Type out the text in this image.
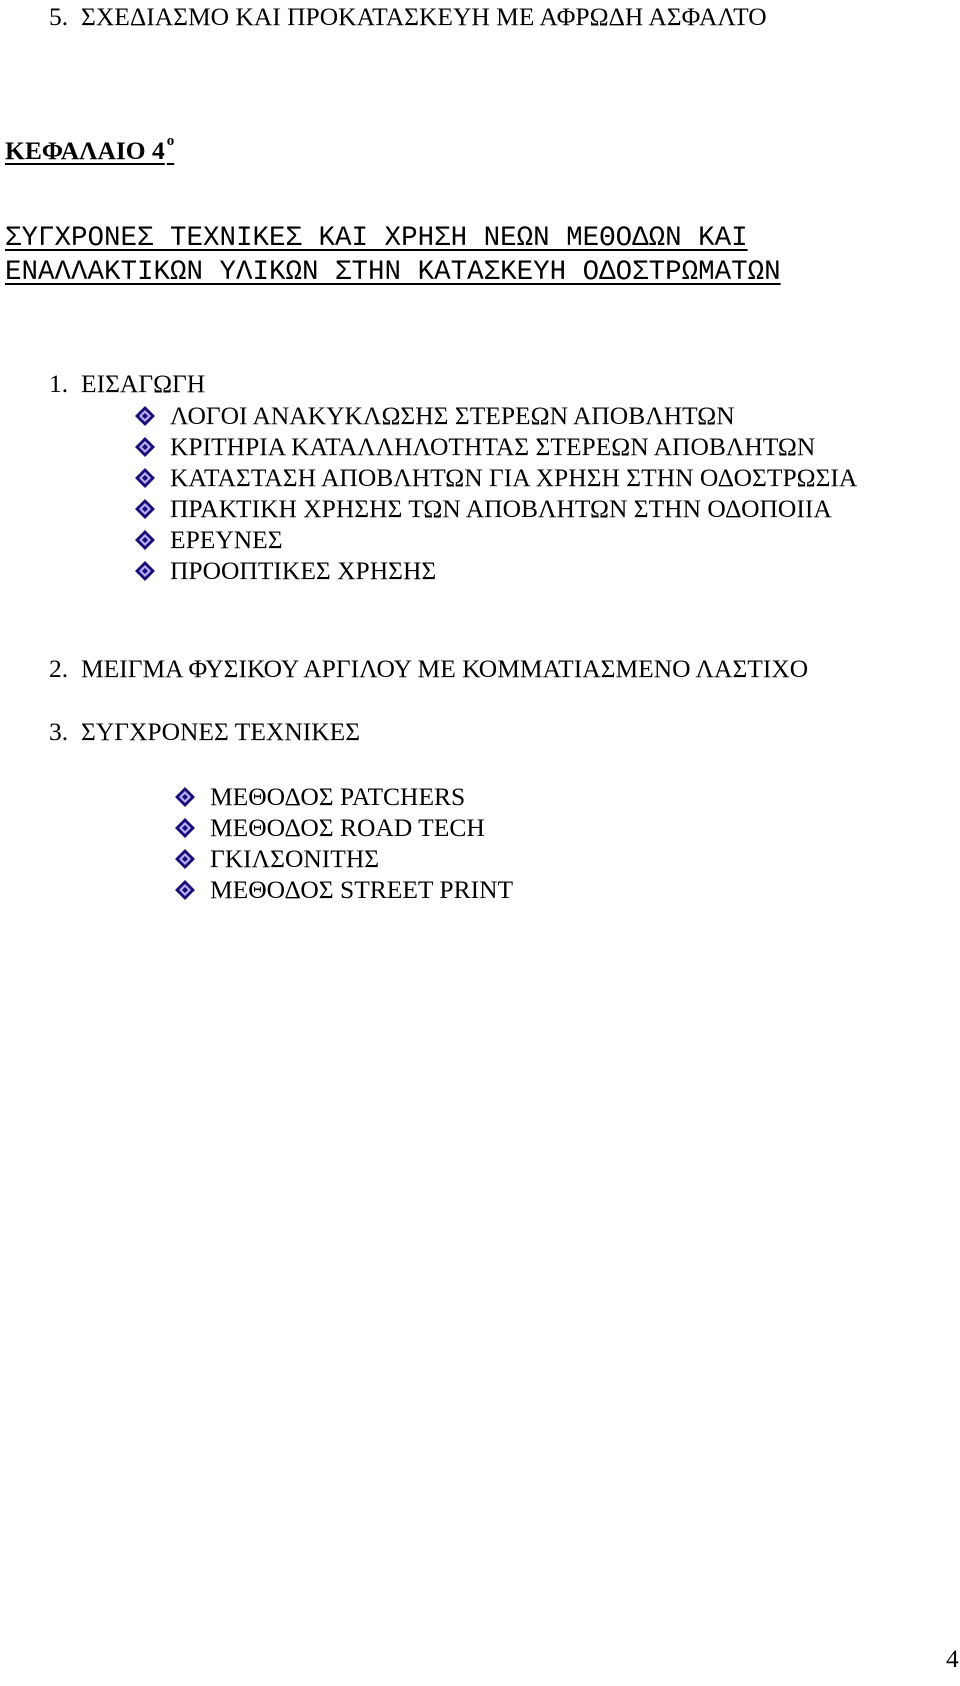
5. ΣΧΕΔΙΑΣΜΟ ΚΑΙ ΠΡΟΚΑΤΑΣΚΕΥΗ ΜΕ ΑΦΡΩΔΗ ΑΣΦΑΛΤΟ
ΚΕΦΑΛΑΙΟ 4 $^o$
ΣΥΓΧΡΟΝΕΣ ΤΕΧΝΙΚΕΣ ΚΑΙ ΧΡΗΣΗ ΝΕΩΝ ΜΕΘΟΔΩΝ ΚΑΙ
ΕΝΑΛΛΑΚΤΙΚΩΝ ΥΛΙΚΩΝ ΣΤΗΝ ΚΑΤΑΣΚΕΥΗ ΟΔΟΣΤΡΩΜΑΤΩΝ
1. ΕΙΣΑΓΩΓΗ
ΛΟΓΟΙ ΑΝΑΚΥΚΛΩΣΗΣ ΣΤΕΡΕΩΝ ΑΠΟΒΛΗΤΩΝ
ΚΡΙΤΗΡΙΑ ΚΑΤΑΛΛΗΛΟΤΗΤΑΣ ΣΤΕΡΕΩΝ ΑΠΟΒΛΗΤΩΝ
ΚΑΤΑΣΤΑΣΗ ΑΠΟΒΛΗΤΩΝ ΓΙΑ ΧΡΗΣΗ ΣΤΗΝ ΟΔΟΣΤΡΩΣΙΑ
ΠΡΑΚΤΙΚΗ ΧΡΗΣΗΣ ΤΩΝ ΑΠΟΒΛΗΤΩΝ ΣΤΗΝ ΟΔΟΠΟΙΙΑ
ΕΡΕΥΝΕΣ
ΠΡΟΟΠΤΙΚΕΣ ΧΡΗΣΗΣ
2. ΜΕΙΓΜΑ ΦΥΣΙΚΟΥ ΑΡΓΙΛΟΥ ΜΕ ΚΟΜΜΑΤΙΑΣΜΕΝΟ ΛΑΣΤΙΧΟ
3. ΣΥΓΧΡΟΝΕΣ ΤΕΧΝΙΚΕΣ
ΜΕΘΟΔΟΣ PATCHERS
ΜΕΘΟΔΟΣ ROAD TECH
ΓΚΙΛΣΟΝΙΤΗΣ
ΜΕΘΟΔΟΣ STREET PRINT
4
